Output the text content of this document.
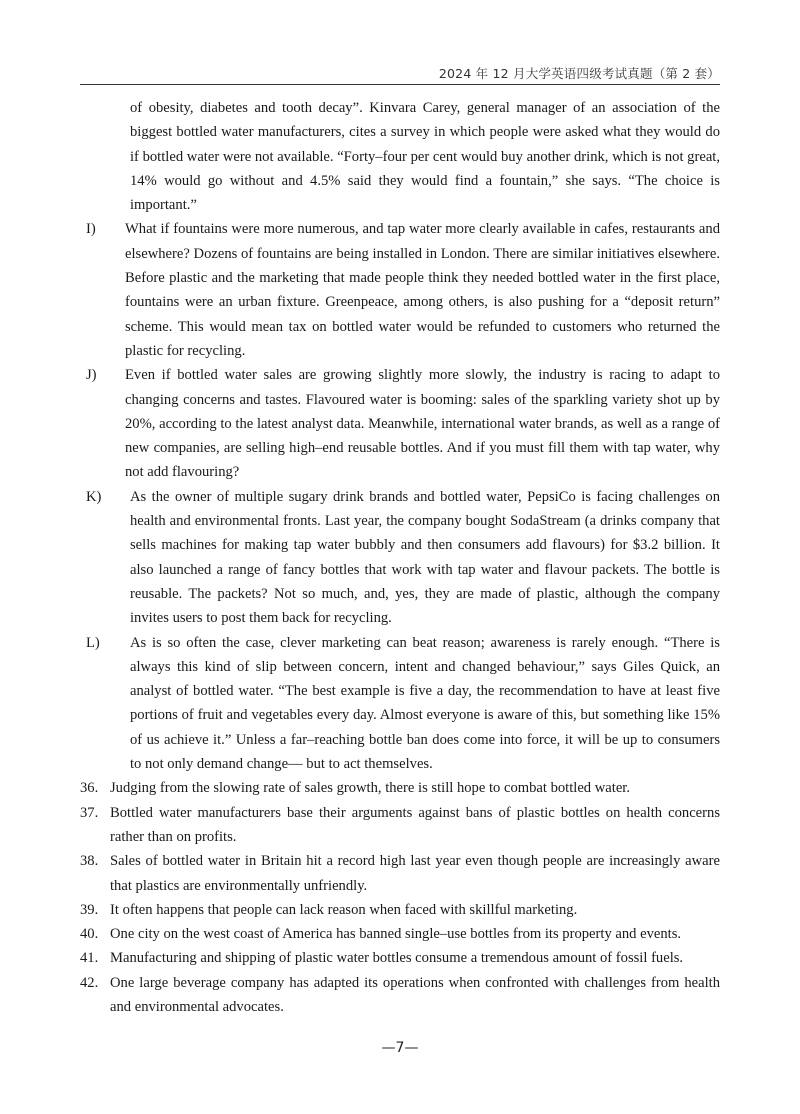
2024 年 12 月大学英语四级考试真题（第 2 套）

of obesity, diabetes and tooth decay”. Kinvara Carey, general manager of an association of the biggest bottled water manufacturers, cites a survey in which people were asked what they would do if bottled water were not available. “Forty–four per cent would buy another drink, which is not great, 14% would go without and 4.5% said they would find a fountain,” she says. “The choice is important.”

I) What if fountains were more numerous, and tap water more clearly available in cafes, restaurants and elsewhere? Dozens of fountains are being installed in London. There are similar initiatives elsewhere. Before plastic and the marketing that made people think they needed bottled water in the first place, fountains were an urban fixture. Greenpeace, among others, is also pushing for a “deposit return” scheme. This would mean tax on bottled water would be refunded to customers who returned the plastic for recycling.
J) Even if bottled water sales are growing slightly more slowly, the industry is racing to adapt to changing concerns and tastes. Flavoured water is booming: sales of the sparkling variety shot up by 20%, according to the latest analyst data. Meanwhile, international water brands, as well as a range of new companies, are selling high–end reusable bottles. And if you must fill them with tap water, why not add flavouring?
K) As the owner of multiple sugary drink brands and bottled water, PepsiCo is facing challenges on health and environmental fronts. Last year, the company bought SodaStream (a drinks company that sells machines for making tap water bubbly and then consumers add flavours) for $3.2 billion. It also launched a range of fancy bottles that work with tap water and flavour packets. The bottle is reusable. The packets? Not so much, and, yes, they are made of plastic, although the company invites users to post them back for recycling.
L) As is so often the case, clever marketing can beat reason; awareness is rarely enough. “There is always this kind of slip between concern, intent and changed behaviour,” says Giles Quick, an analyst of bottled water. “The best example is five a day, the recommendation to have at least five portions of fruit and vegetables every day. Almost everyone is aware of this, but something like 15% of us achieve it.” Unless a far–reaching bottle ban does come into force, it will be up to consumers to not only demand change— but to act themselves.
36. Judging from the slowing rate of sales growth, there is still hope to combat bottled water.
37. Bottled water manufacturers base their arguments against bans of plastic bottles on health concerns rather than on profits.
38. Sales of bottled water in Britain hit a record high last year even though people are increasingly aware that plastics are environmentally unfriendly.
39. It often happens that people can lack reason when faced with skillful marketing.
40. One city on the west coast of America has banned single–use bottles from its property and events.
41. Manufacturing and shipping of plastic water bottles consume a tremendous amount of fossil fuels.
42. One large beverage company has adapted its operations when confronted with challenges from health and environmental advocates.
—7—
